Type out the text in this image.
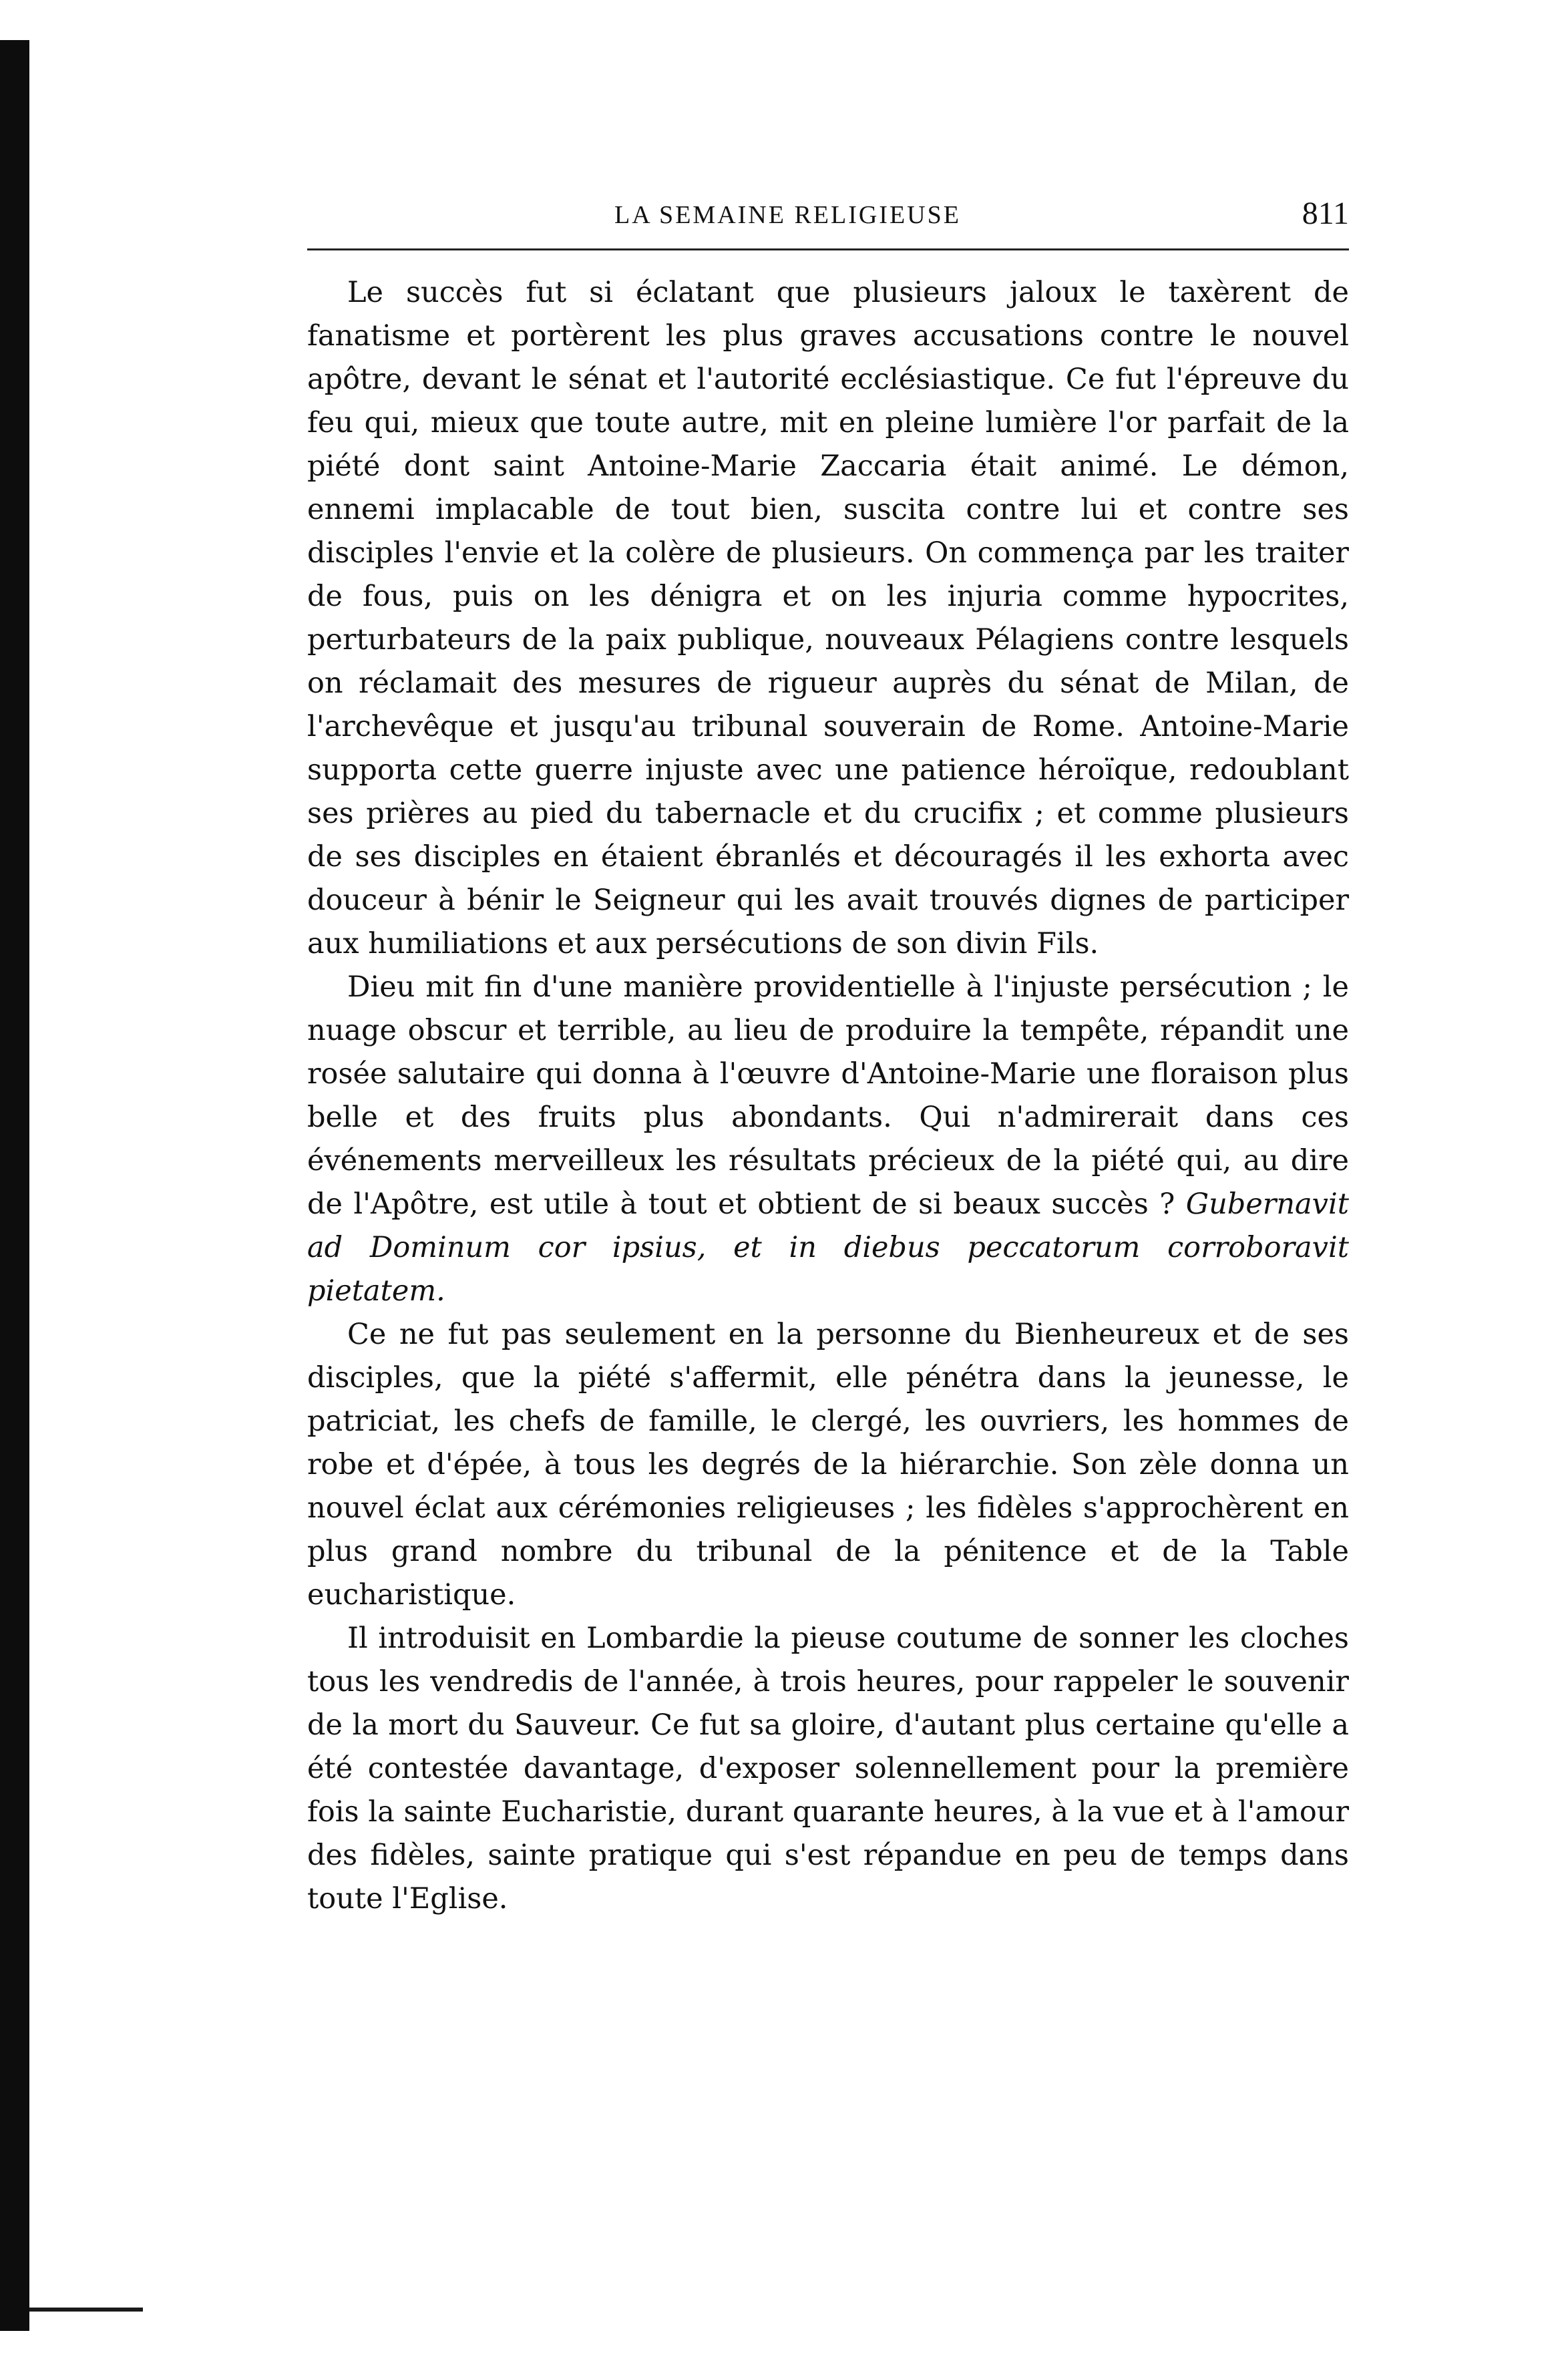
LA SEMAINE RELIGIEUSE	811

Le succès fut si éclatant que plusieurs jaloux le taxèrent de fanatisme et portèrent les plus graves accusations contre le nouvel apôtre, devant le sénat et l'autorité ecclésiastique. Ce fut l'épreuve du feu qui, mieux que toute autre, mit en pleine lumière l'or parfait de la piété dont saint Antoine-Marie Zaccaria était animé. Le démon, ennemi implacable de tout bien, suscita contre lui et contre ses disciples l'envie et la colère de plusieurs. On commença par les traiter de fous, puis on les dénigra et on les injuria comme hypocrites, perturbateurs de la paix publique, nouveaux Pélagiens contre lesquels on réclamait des mesures de rigueur auprès du sénat de Milan, de l'archevêque et jusqu'au tribunal souverain de Rome. Antoine-Marie supporta cette guerre injuste avec une patience héroïque, redoublant ses prières au pied du tabernacle et du crucifix ; et comme plusieurs de ses disciples en étaient ébranlés et découragés il les exhorta avec douceur à bénir le Seigneur qui les avait trouvés dignes de participer aux humiliations et aux persécutions de son divin Fils.

Dieu mit fin d'une manière providentielle à l'injuste persécution ; le nuage obscur et terrible, au lieu de produire la tempête, répandit une rosée salutaire qui donna à l'œuvre d'Antoine-Marie une floraison plus belle et des fruits plus abondants. Qui n'admirerait dans ces événements merveilleux les résultats précieux de la piété qui, au dire de l'Apôtre, est utile à tout et obtient de si beaux succès ? Gubernavit ad Dominum cor ipsius, et in diebus peccatorum corroboravit pietatem.

Ce ne fut pas seulement en la personne du Bienheureux et de ses disciples, que la piété s'affermit, elle pénétra dans la jeunesse, le patriciat, les chefs de famille, le clergé, les ouvriers, les hommes de robe et d'épée, à tous les degrés de la hiérarchie. Son zèle donna un nouvel éclat aux cérémonies religieuses ; les fidèles s'approchèrent en plus grand nombre du tribunal de la pénitence et de la Table eucharistique.

Il introduisit en Lombardie la pieuse coutume de sonner les cloches tous les vendredis de l'année, à trois heures, pour rappeler le souvenir de la mort du Sauveur. Ce fut sa gloire, d'autant plus certaine qu'elle a été contestée davantage, d'exposer solennellement pour la première fois la sainte Eucharistie, durant quarante heures, à la vue et à l'amour des fidèles, sainte pratique qui s'est répandue en peu de temps dans toute l'Eglise.
